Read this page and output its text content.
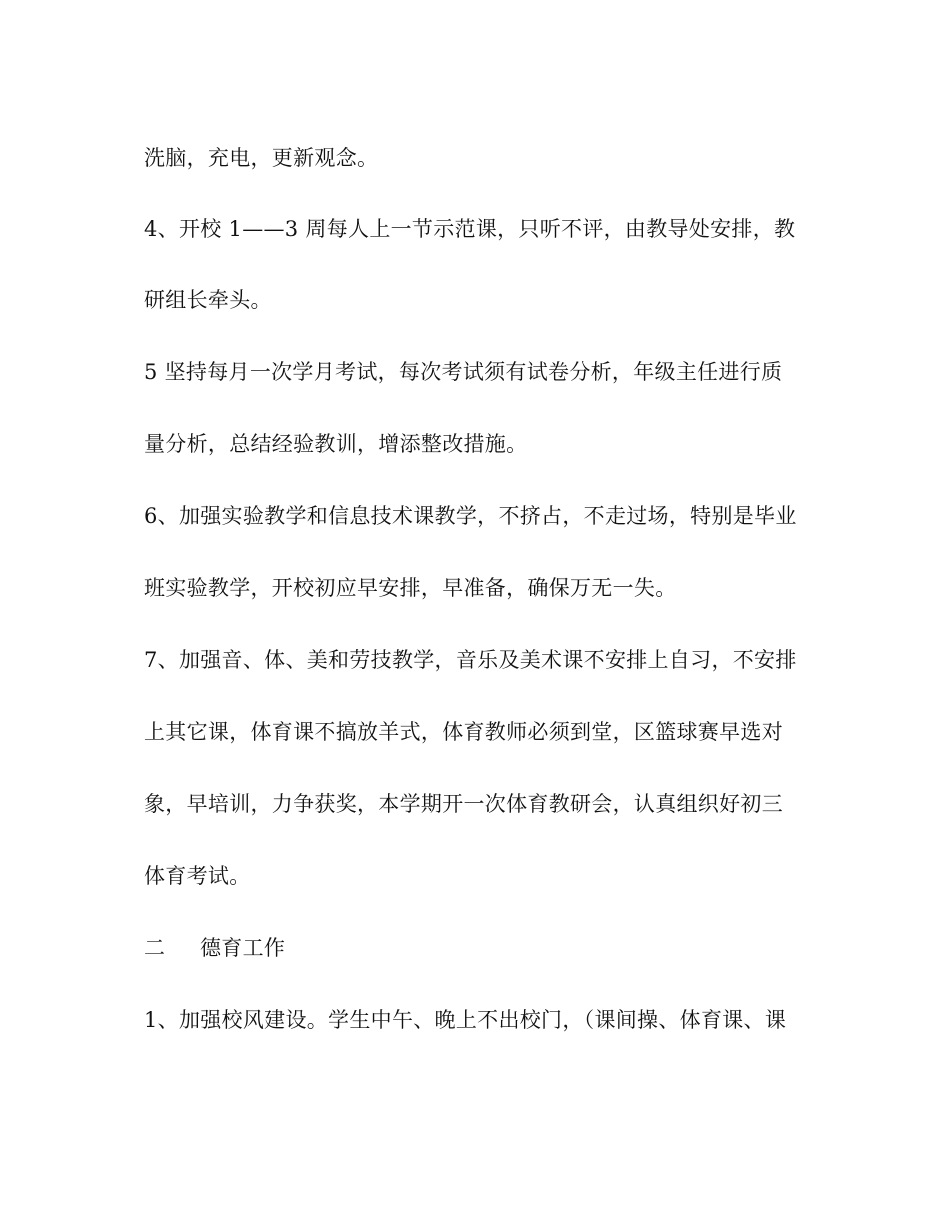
洗脑，充电，更新观念。
4、开校 1——3 周每人上一节示范课，只听不评，由教导处安排，教
研组长牵头。
5 坚持每月一次学月考试，每次考试须有试卷分析，年级主任进行质
量分析，总结经验教训，增添整改措施。
6、加强实验教学和信息技术课教学，不挤占，不走过场，特别是毕业
班实验教学，开校初应早安排，早准备，确保万无一失。
7、加强音、体、美和劳技教学，音乐及美术课不安排上自习，不安排
上其它课，体育课不搞放羊式，体育教师必须到堂，区篮球赛早选对
象，早培训，力争获奖，本学期开一次体育教研会，认真组织好初三
体育考试。
二 德育工作
1、加强校风建设。学生中午、晚上不出校门，（课间操、体育课、课
